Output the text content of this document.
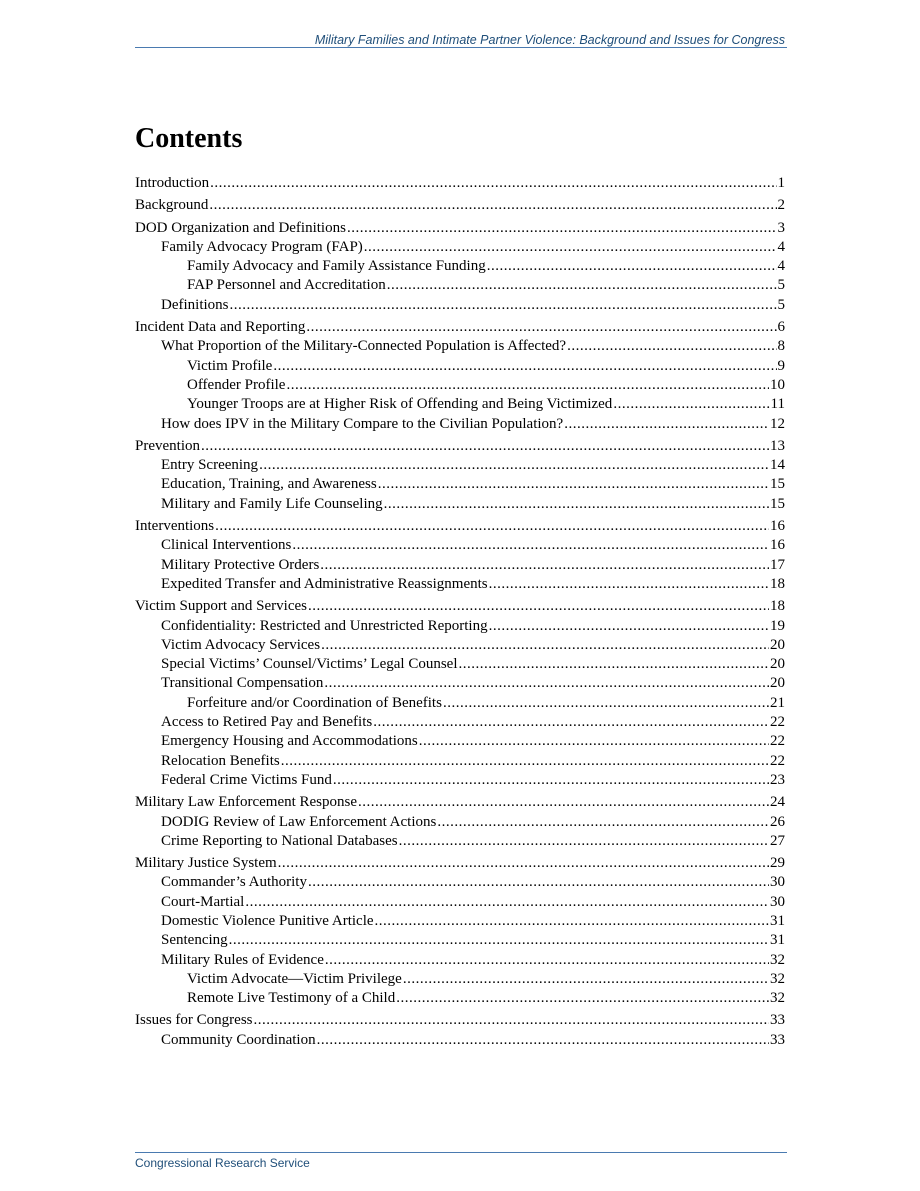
Military Families and Intimate Partner Violence: Background and Issues for Congress
Contents
Introduction .....	1
Background .....	2
DOD Organization and Definitions .....	3
Family Advocacy Program (FAP) .....	4
Family Advocacy and Family Assistance Funding .....	4
FAP Personnel and Accreditation .....	5
Definitions .....	5
Incident Data and Reporting .....	6
What Proportion of the Military-Connected Population is Affected? .....	8
Victim Profile .....	9
Offender Profile .....	10
Younger Troops are at Higher Risk of Offending and Being Victimized .....	11
How does IPV in the Military Compare to the Civilian Population? .....	12
Prevention .....	13
Entry Screening .....	14
Education, Training, and Awareness .....	15
Military and Family Life Counseling .....	15
Interventions .....	16
Clinical Interventions .....	16
Military Protective Orders .....	17
Expedited Transfer and Administrative Reassignments .....	18
Victim Support and Services .....	18
Confidentiality: Restricted and Unrestricted Reporting .....	19
Victim Advocacy Services .....	20
Special Victims’ Counsel/Victims’ Legal Counsel .....	20
Transitional Compensation .....	20
Forfeiture and/or Coordination of Benefits .....	21
Access to Retired Pay and Benefits .....	22
Emergency Housing and Accommodations .....	22
Relocation Benefits .....	22
Federal Crime Victims Fund .....	23
Military Law Enforcement Response .....	24
DODIG Review of Law Enforcement Actions .....	26
Crime Reporting to National Databases .....	27
Military Justice System .....	29
Commander’s Authority .....	30
Court-Martial .....	30
Domestic Violence Punitive Article .....	31
Sentencing .....	31
Military Rules of Evidence .....	32
Victim Advocate—Victim Privilege .....	32
Remote Live Testimony of a Child .....	32
Issues for Congress .....	33
Community Coordination .....	33
Congressional Research Service
